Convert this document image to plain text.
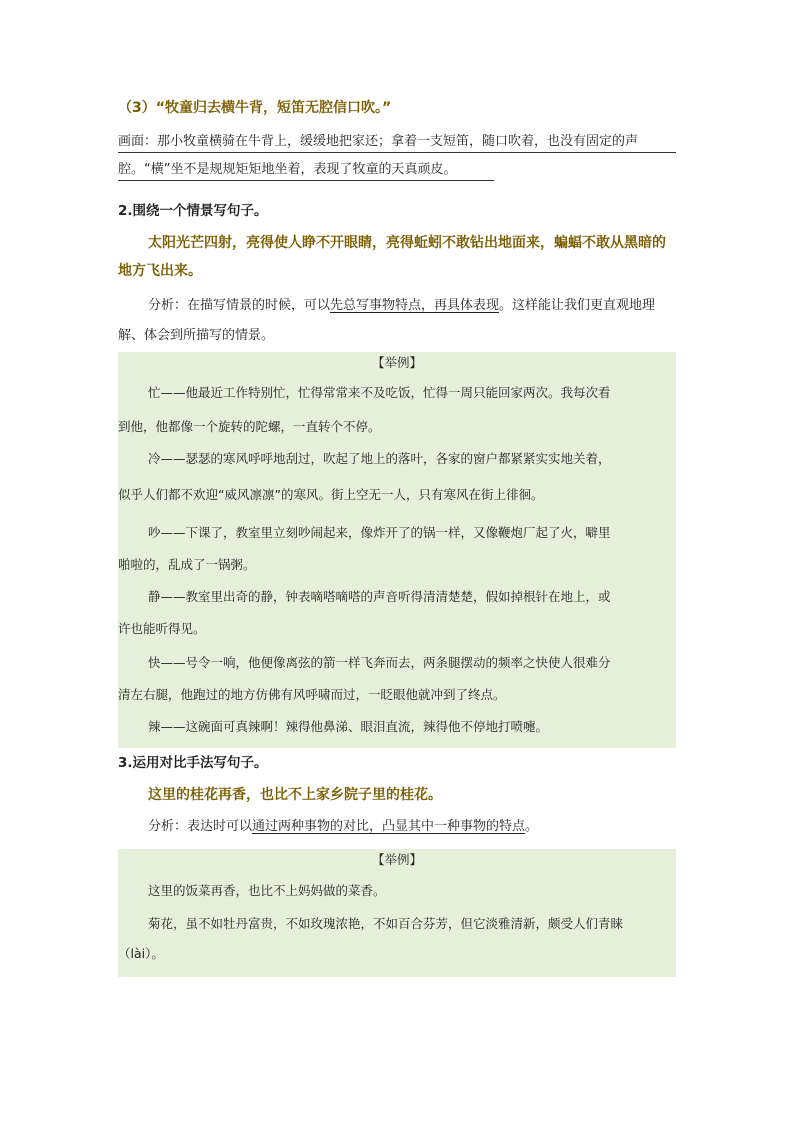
（3）“牧童归去横牛背，短笛无腔信口吹。”
画面：那小牧童横骑在牛背上，缓缓地把家还；拿着一支短笛，随口吹着，也没有固定的声
腔。“横”坐不是规规矩矩地坐着，表现了牧童的天真顽皮。
2.围绕一个情景写句子。
太阳光芒四射，亮得使人睁不开眼睛，亮得蚯蚓不敢钻出地面来，蝙蝠不敢从黑暗的
地方飞出来。
分析：在描写情景的时候，可以先总写事物特点，再具体表现。这样能让我们更直观地理
解、体会到所描写的情景。
【举例】
忙——他最近工作特别忙，忙得常常来不及吃饭，忙得一周只能回家两次。我每次看
到他，他都像一个旋转的陀螺，一直转个不停。
冷——瑟瑟的寒风呼呼地刮过，吹起了地上的落叶，各家的窗户都紧紧实实地关着，
似乎人们都不欢迎“威风凛凛”的寒风。街上空无一人，只有寒风在街上徘徊。
吵——下课了，教室里立刻吵闹起来，像炸开了的锅一样，又像鞭炮厂起了火，噼里
啪啦的，乱成了一锅粥。
静——教室里出奇的静，钟表嘀嗒嘀嗒的声音听得清清楚楚，假如掉根针在地上，或
许也能听得见。
快——号令一响，他便像离弦的箭一样飞奔而去，两条腿摆动的频率之快使人很难分
清左右腿，他跑过的地方仿佛有风呼啸而过，一眨眼他就冲到了终点。
辣——这碗面可真辣啊！辣得他鼻涕、眼泪直流，辣得他不停地打喷嚏。
3.运用对比手法写句子。
这里的桂花再香，也比不上家乡院子里的桂花。
分析：表达时可以通过两种事物的对比，凸显其中一种事物的特点。
【举例】
这里的饭菜再香，也比不上妈妈做的菜香。
菊花，虽不如牡丹富贵，不如玫瑰浓艳，不如百合芬芳，但它淡雅清新，颇受人们青睐
（lài）。
